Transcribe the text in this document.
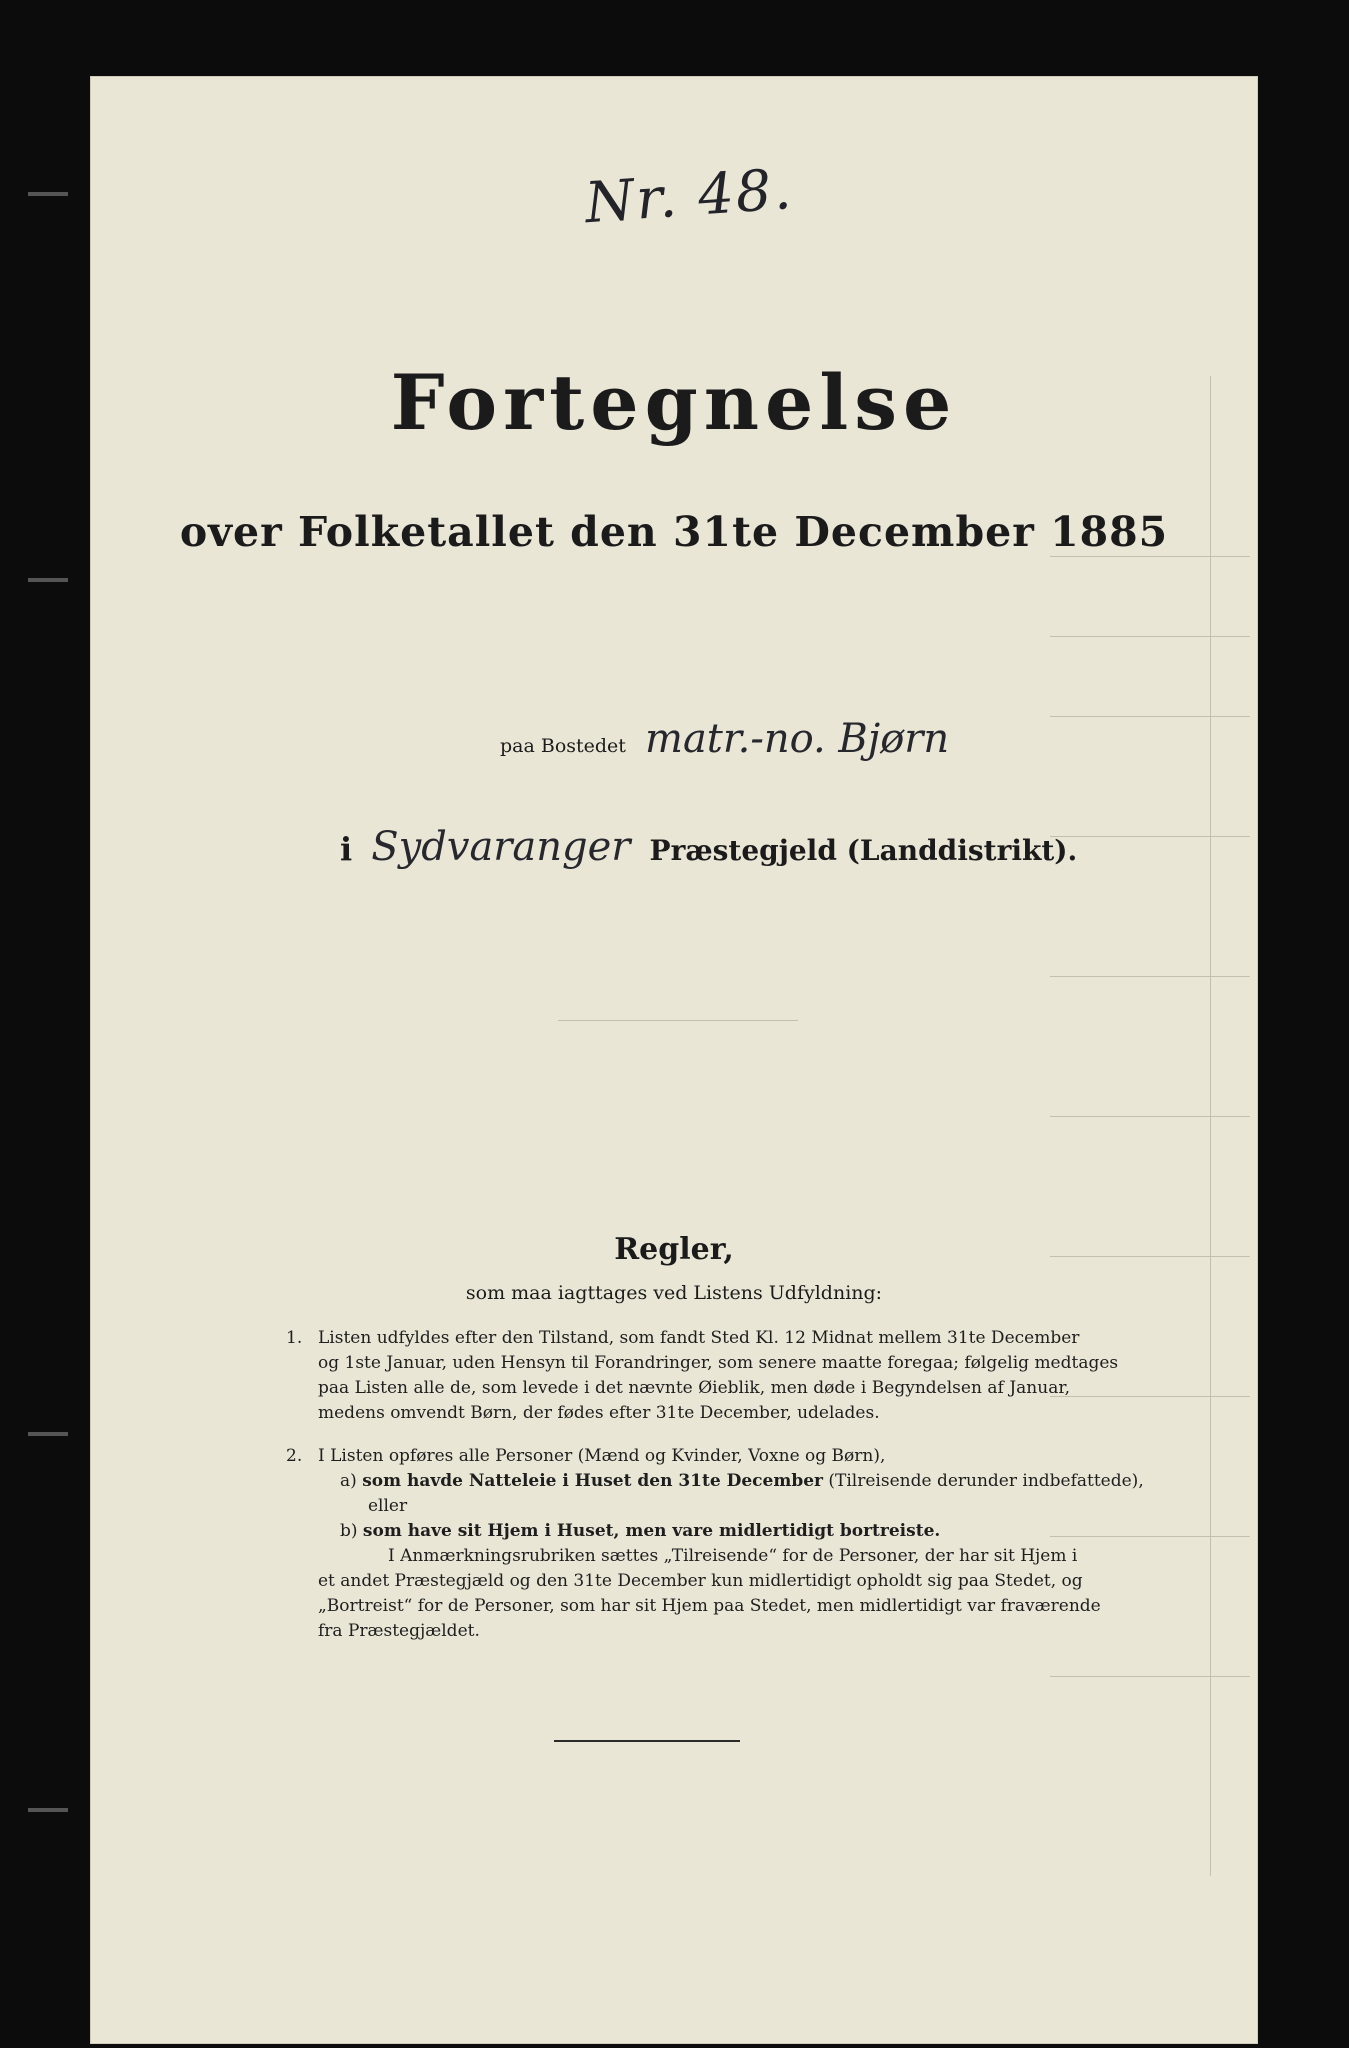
Nr. 48.
Fortegnelse
over Folketallet den 31te December 1885
paa Bostedet matr.-no. Bjørn
i Sydvaranger Præstegjeld (Landdistrikt).
Regler,
som maa iagttages ved Listens Udfyldning:
1. Listen udfyldes efter den Tilstand, som fandt Sted Kl. 12 Midnat mellem 31te December
og 1ste Januar, uden Hensyn til Forandringer, som senere maatte foregaa; følgelig medtages
paa Listen alle de, som levede i det nævnte Øieblik, men døde i Begyndelsen af Januar,
medens omvendt Børn, der fødes efter 31te December, udelades.
2. I Listen opføres alle Personer (Mænd og Kvinder, Voxne og Børn),
a) som havde Natteleie i Huset den 31te December (Tilreisende derunder indbefattede),
eller
b) som have sit Hjem i Huset, men vare midlertidigt bortreiste.
I Anmærkningsrubriken sættes „Tilreisende“ for de Personer, der har sit Hjem i
et andet Præstegjæld og den 31te December kun midlertidigt opholdt sig paa Stedet, og
„Bortreist“ for de Personer, som har sit Hjem paa Stedet, men midlertidigt var fraværende
fra Præstegjældet.
